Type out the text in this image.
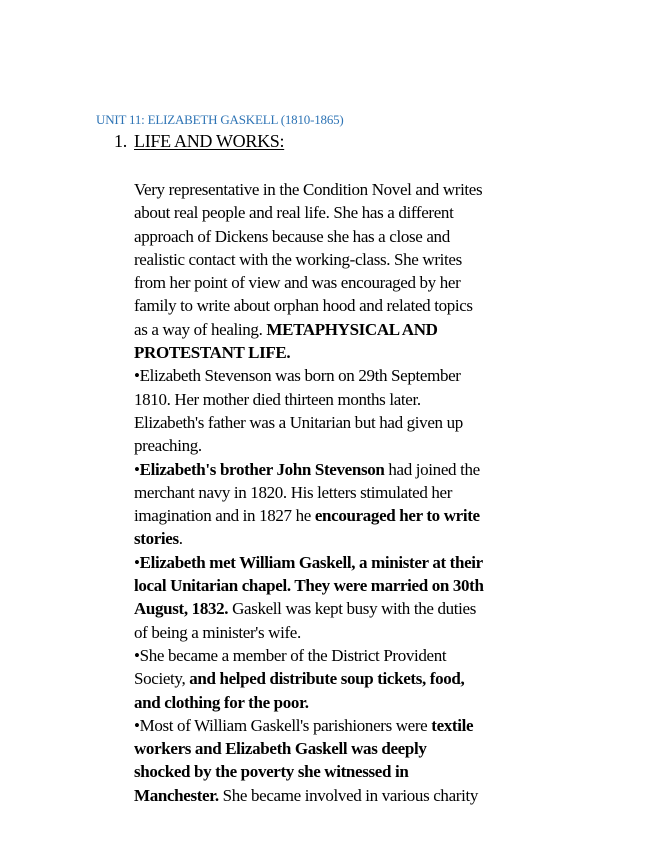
UNIT 11: ELIZABETH GASKELL (1810-1865)
1. LIFE AND WORKS:
Very representative in the Condition Novel and writes
about real people and real life. She has a different
approach of Dickens because she has a close and
realistic contact with the working-class. She writes
from her point of view and was encouraged by her
family to write about orphan hood and related topics
as a way of healing. METAPHYSICAL AND
PROTESTANT LIFE.
•Elizabeth Stevenson was born on 29th September
1810. Her mother died thirteen months later.
Elizabeth's father was a Unitarian but had given up
preaching.
•Elizabeth's brother John Stevenson had joined the
merchant navy in 1820. His letters stimulated her
imagination and in 1827 he encouraged her to write
stories.
•Elizabeth met William Gaskell, a minister at their
local Unitarian chapel. They were married on 30th
August, 1832. Gaskell was kept busy with the duties
of being a minister's wife.
•She became a member of the District Provident
Society, and helped distribute soup tickets, food,
and clothing for the poor.
•Most of William Gaskell's parishioners were textile
workers and Elizabeth Gaskell was deeply
shocked by the poverty she witnessed in
Manchester. She became involved in various charity
